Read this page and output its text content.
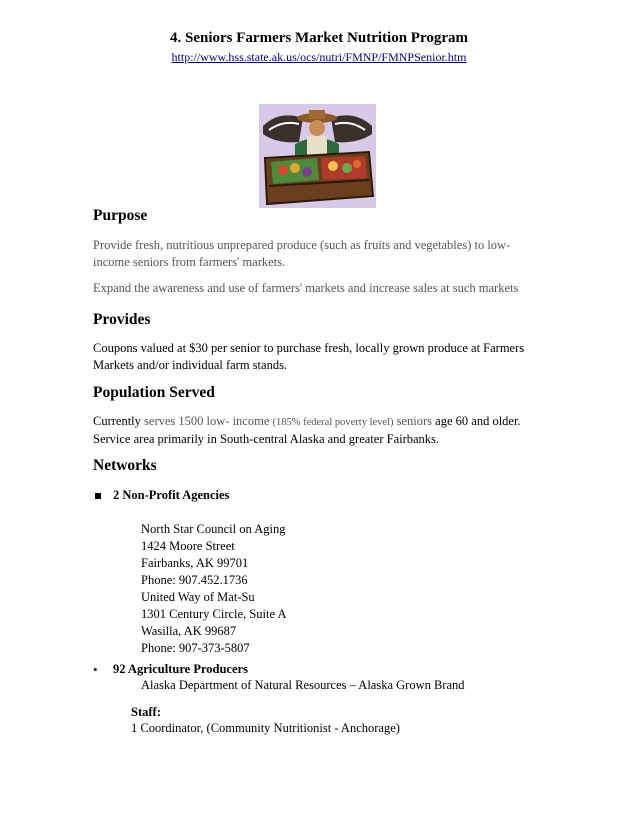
4. Seniors Farmers Market Nutrition Program
http://www.hss.state.ak.us/ocs/nutri/FMNP/FMNPSenior.htm
Purpose
Provide fresh, nutritious unprepared produce (such as fruits and vegetables) to low-
income seniors from farmers' markets.
Expand the awareness and use of farmers' markets and increase sales at such markets
Provides
Coupons valued at $30 per senior to purchase fresh, locally grown produce at Farmers
Markets and/or individual farm stands.
Population Served
Currently serves 1500 low- income (185% federal poverty level) seniors age 60 and older.
Service area primarily in South-central Alaska and greater Fairbanks.
Networks
2 Non-Profit Agencies
North Star Council on Aging
1424 Moore Street
Fairbanks, AK 99701
Phone: 907.452.1736
United Way of Mat-Su
1301 Century Circle, Suite A
Wasilla, AK 99687
Phone: 907-373-5807
• 92 Agriculture Producers
Alaska Department of Natural Resources – Alaska Grown Brand
Staff:
1 Coordinator, (Community Nutritionist - Anchorage)
